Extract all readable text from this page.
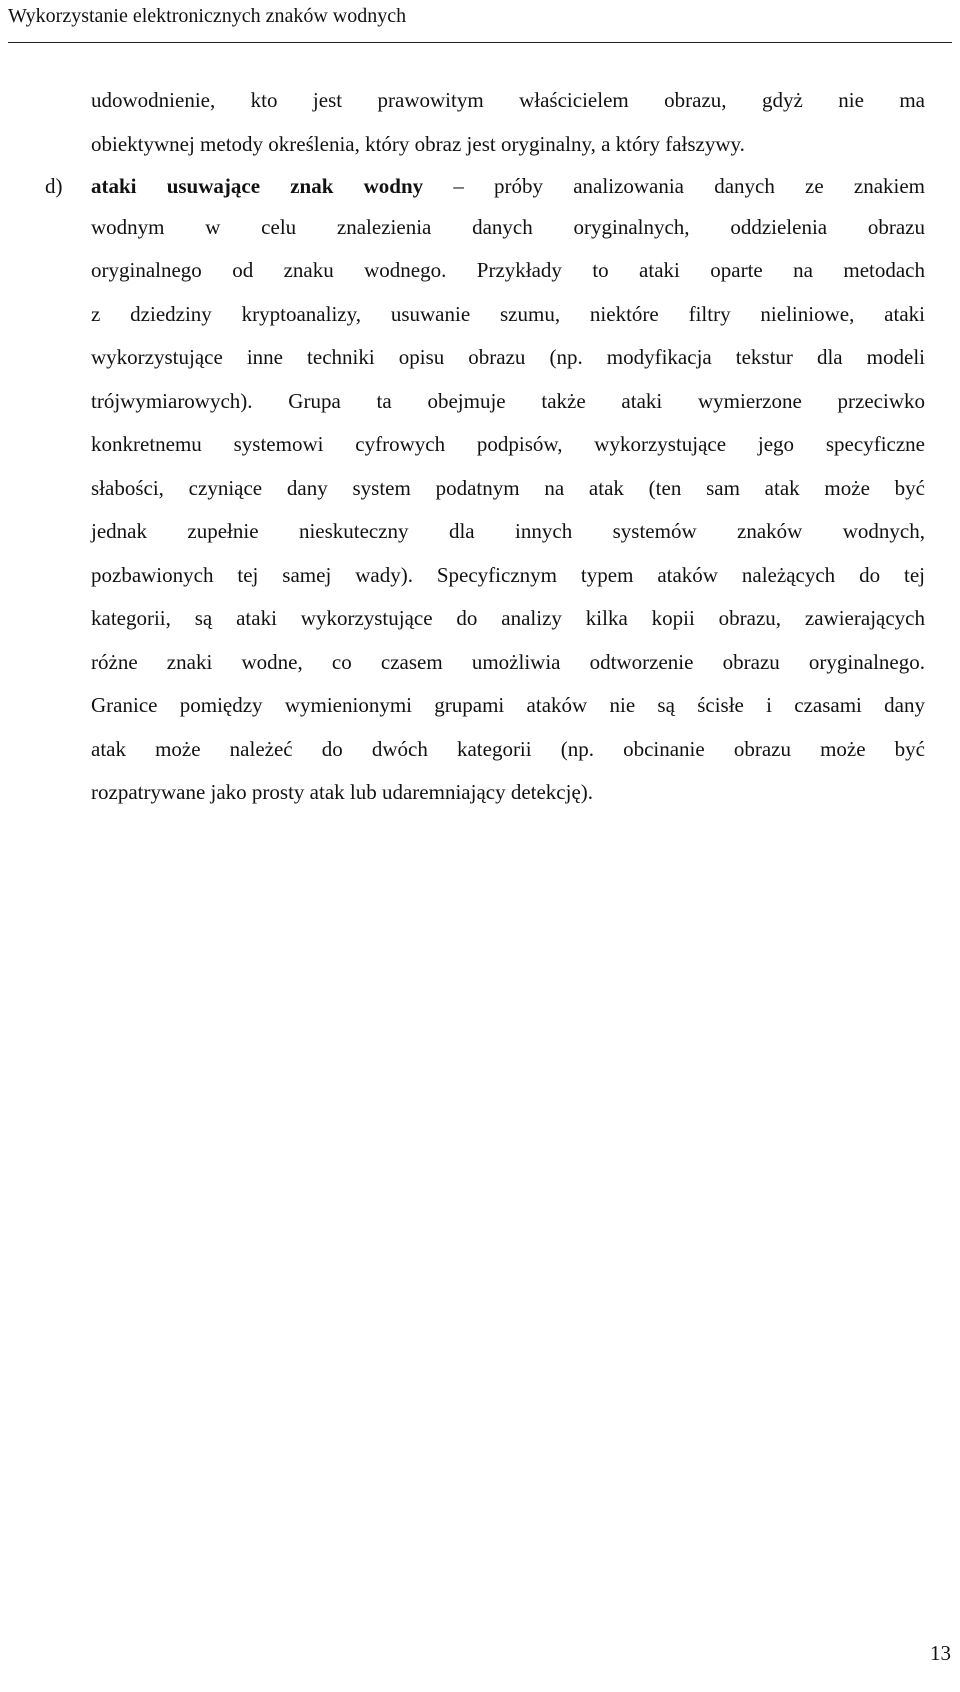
Wykorzystanie elektronicznych znaków wodnych
udowodnienie, kto jest prawowitym właścicielem obrazu, gdyż nie ma
obiektywnej metody określenia, który obraz jest oryginalny, a który fałszywy.
d) ataki usuwające znak wodny – próby analizowania danych ze znakiem
wodnym w celu znalezienia danych oryginalnych, oddzielenia obrazu
oryginalnego od znaku wodnego. Przykłady to ataki oparte na metodach
z dziedziny kryptoanalizy, usuwanie szumu, niektóre filtry nieliniowe, ataki
wykorzystujące inne techniki opisu obrazu (np. modyfikacja tekstur dla modeli
trójwymiarowych). Grupa ta obejmuje także ataki wymierzone przeciwko
konkretnemu systemowi cyfrowych podpisów, wykorzystujące jego specyficzne
słabości, czyniące dany system podatnym na atak (ten sam atak może być
jednak zupełnie nieskuteczny dla innych systemów znaków wodnych,
pozbawionych tej samej wady). Specyficznym typem ataków należących do tej
kategorii, są ataki wykorzystujące do analizy kilka kopii obrazu, zawierających
różne znaki wodne, co czasem umożliwia odtworzenie obrazu oryginalnego.
Granice pomiędzy wymienionymi grupami ataków nie są ścisłe i czasami dany
atak może należeć do dwóch kategorii (np. obcinanie obrazu może być
rozpatrywane jako prosty atak lub udaremniający detekcję).
13
